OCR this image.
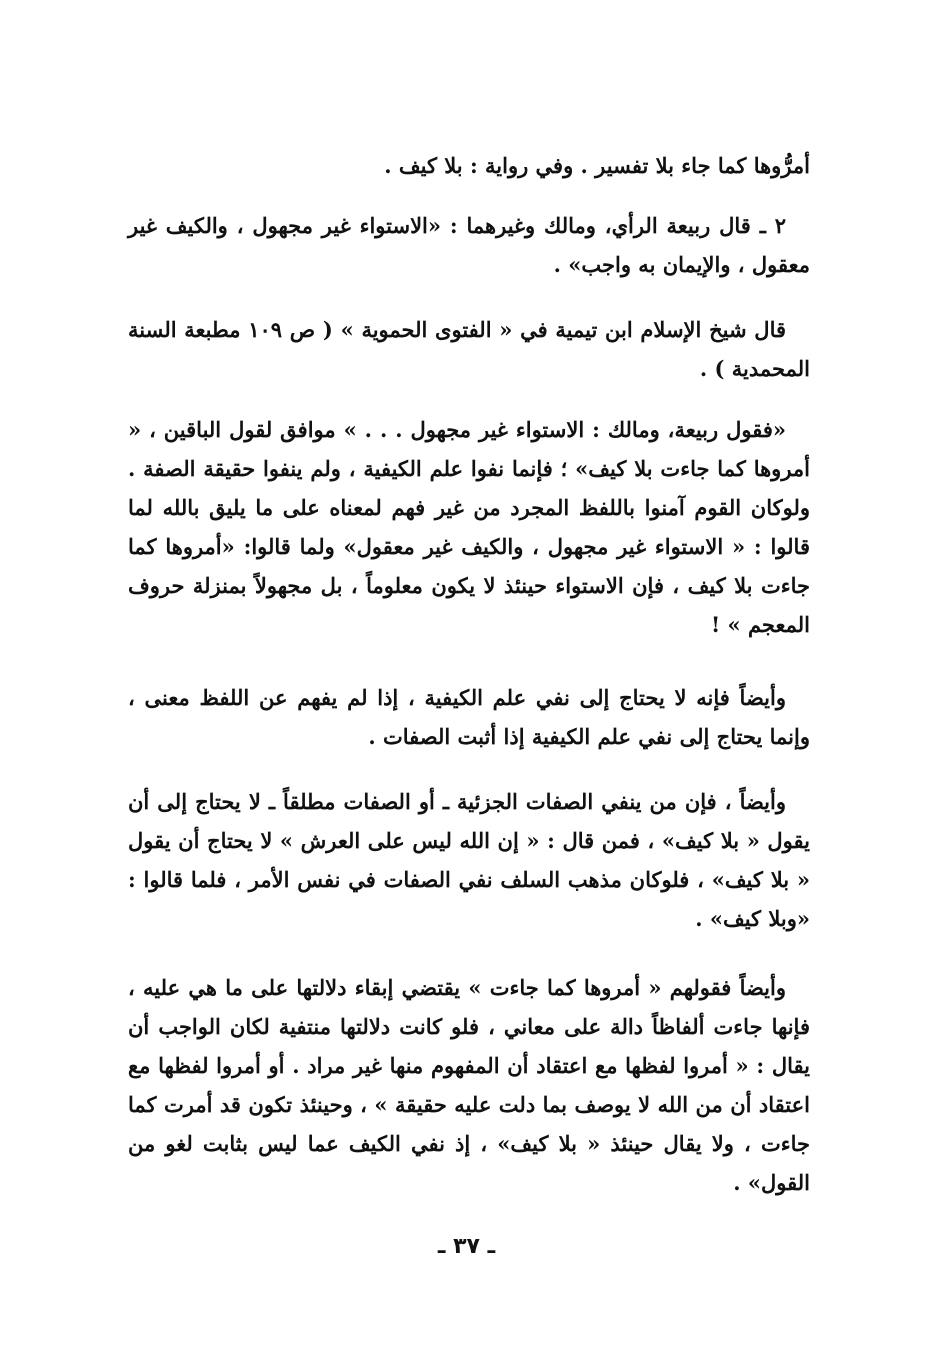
أمرُّوها كما جاء بلا تفسير . وفي رواية : بلا كيف .

٢ ـ قال ربيعة الرأي، ومالك وغيرهما : «الاستواء غير مجهول ، والكيف غير معقول ، والإيمان به واجب» .

قال شيخ الإسلام ابن تيمية في « الفتوى الحموية » ( ص ١٠٩ مطبعة السنة المحمدية ) .

«فقول ربيعة، ومالك : الاستواء غير مجهول . . . » موافق لقول الباقين ، « أمروها كما جاءت بلا كيف» ؛ فإنما نفوا علم الكيفية ، ولم ينفوا حقيقة الصفة . ولوكان القوم آمنوا باللفظ المجرد من غير فهم لمعناه على ما يليق بالله لما قالوا : « الاستواء غير مجهول ، والكيف غير معقول» ولما قالوا: «أمروها كما جاءت بلا كيف ، فإن الاستواء حينئذ لا يكون معلوماً ، بل مجهولاً بمنزلة حروف المعجم » !

وأيضاً فإنه لا يحتاج إلى نفي علم الكيفية ، إذا لم يفهم عن اللفظ معنى ، وإنما يحتاج إلى نفي علم الكيفية إذا أثبت الصفات .

وأيضاً ، فإن من ينفي الصفات الجزئية ـ أو الصفات مطلقاً ـ لا يحتاج إلى أن يقول « بلا كيف» ، فمن قال : « إن الله ليس على العرش » لا يحتاج أن يقول « بلا كيف» ، فلوكان مذهب السلف نفي الصفات في نفس الأمر ، فلما قالوا : «وبلا كيف» .

وأيضاً فقولهم « أمروها كما جاءت » يقتضي إبقاء دلالتها على ما هي عليه ، فإنها جاءت ألفاظاً دالة على معاني ، فلو كانت دلالتها منتفية لكان الواجب أن يقال : « أمروا لفظها مع اعتقاد أن المفهوم منها غير مراد . أو أمروا لفظها مع اعتقاد أن من الله لا يوصف بما دلت عليه حقيقة » ، وحينئذ تكون قد أمرت كما جاءت ، ولا يقال حينئذ « بلا كيف» ، إذ نفي الكيف عما ليس بثابت لغو من القول» .

ـ ٣٧ ـ
